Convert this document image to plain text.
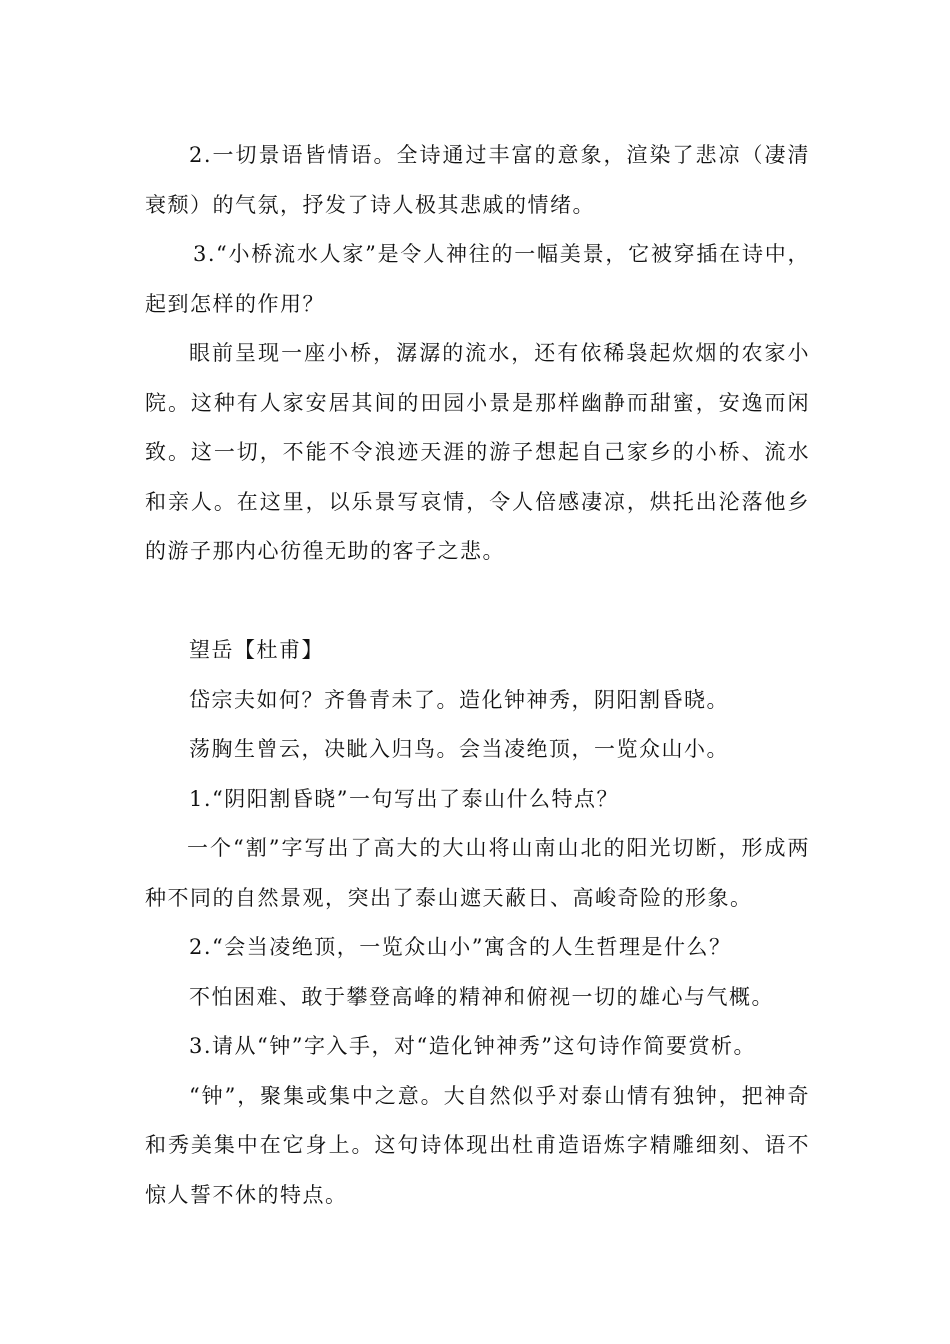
2.一切景语皆情语。全诗通过丰富的意象，渲染了悲凉（凄清衰颓）的气氛，抒发了诗人极其悲戚的情绪。

3.“小桥流水人家”是令人神往的一幅美景，它被穿插在诗中，起到怎样的作用？

眼前呈现一座小桥，潺潺的流水，还有依稀袅起炊烟的农家小院。这种有人家安居其间的田园小景是那样幽静而甜蜜，安逸而闲致。这一切，不能不令浪迹天涯的游子想起自己家乡的小桥、流水和亲人。在这里，以乐景写哀情，令人倍感凄凉，烘托出沦落他乡的游子那内心彷徨无助的客子之悲。

望岳【杜甫】

岱宗夫如何？齐鲁青未了。造化钟神秀，阴阳割昏晓。

荡胸生曾云，决眦入归鸟。会当凌绝顶，一览众山小。

1.“阴阳割昏晓”一句写出了泰山什么特点？

一个“割”字写出了高大的大山将山南山北的阳光切断，形成两种不同的自然景观，突出了泰山遮天蔽日、高峻奇险的形象。

2.“会当凌绝顶，一览众山小”寓含的人生哲理是什么？

不怕困难、敢于攀登高峰的精神和俯视一切的雄心与气概。

3.请从“钟”字入手，对“造化钟神秀”这句诗作简要赏析。

“钟”，聚集或集中之意。大自然似乎对泰山情有独钟，把神奇和秀美集中在它身上。这句诗体现出杜甫造语炼字精雕细刻、语不惊人誓不休的特点。
